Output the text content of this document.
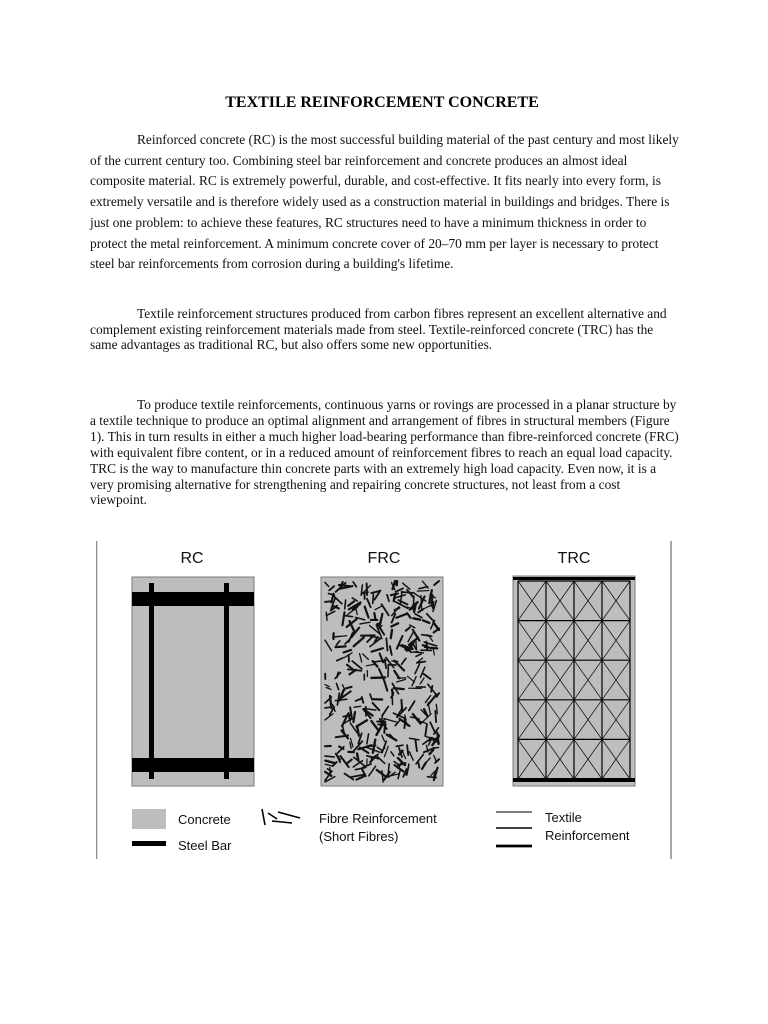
TEXTILE REINFORCEMENT CONCRETE

Reinforced concrete (RC) is the most successful building material of the past century and most likely of the current century too. Combining steel bar reinforcement and concrete produces an almost ideal composite material. RC is extremely powerful, durable, and cost-effective. It fits nearly into every form, is extremely versatile and is therefore widely used as a construction material in buildings and bridges. There is just one problem: to achieve these features, RC structures need to have a minimum thickness in order to protect the metal reinforcement. A minimum concrete cover of 20–70 mm per layer is necessary to protect steel bar reinforcements from corrosion during a building's lifetime.

Textile reinforcement structures produced from carbon fibres represent an excellent alternative and complement existing reinforcement materials made from steel. Textile-reinforced concrete (TRC) has the same advantages as traditional RC, but also offers some new opportunities.

To produce textile reinforcements, continuous yarns or rovings are processed in a planar structure by a textile technique to produce an optimal alignment and arrangement of fibres in structural members (Figure 1). This in turn results in either a much higher load-bearing performance than fibre-reinforced concrete (FRC) with equivalent fibre content, or in a reduced amount of reinforcement fibres to reach an equal load capacity. TRC is the way to manufacture thin concrete parts with an extremely high load capacity. Even now, it is a very promising alternative for strengthening and repairing concrete structures, not least from a cost viewpoint.

RC	FRC	TRC
Concrete
Steel Bar
Fibre Reinforcement
(Short Fibres)
Textile
Reinforcement
